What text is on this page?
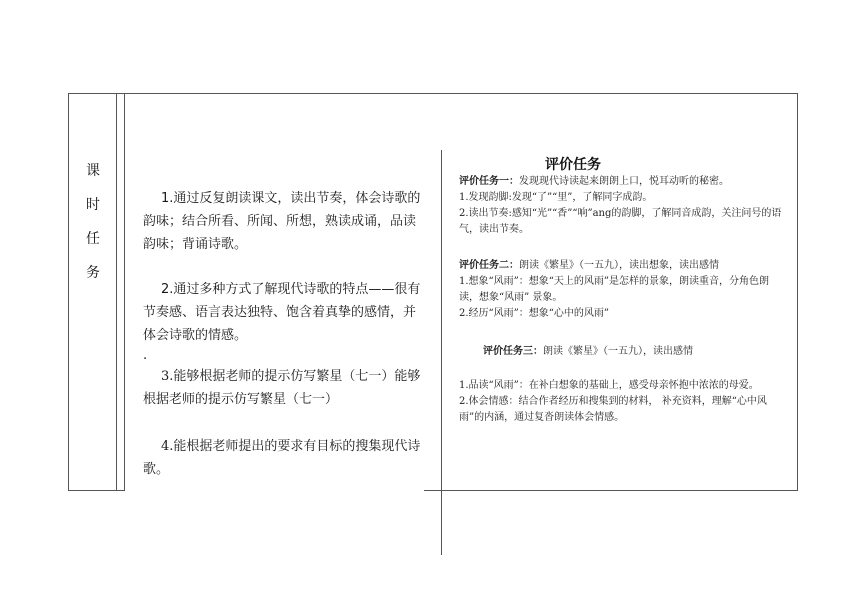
课
时
任
务

1.通过反复朗读课文，读出节奏，体会诗歌的韵味；结合所看、所闻、所想，熟读成诵，品读韵味；背诵诗歌。

2.通过多种方式了解现代诗歌的特点——很有节奏感、语言表达独特、饱含着真挚的感情，并体会诗歌的情感。

.

3.能够根据老师的提示仿写繁星（七一）能够根据老师的提示仿写繁星（七一）

4.能根据老师提出的要求有目标的搜集现代诗歌。

评价任务

评价任务一：发现现代诗读起来朗朗上口，悦耳动听的秘密。

1.发现韵脚:发现“了”“里”，了解同字成韵。

2.读出节奏:感知“光”“香”“响”ang的韵脚，了解同音成韵，关注问号的语气，读出节奏。

评价任务二：朗读《繁星》（一五九），读出想象，读出感情

1.想象“风雨”：想象“天上的风雨”是怎样的景象，朗读重音，分角色朗读，想象“风雨” 景象。

2.经历“风雨”：想象“心中的风雨”

评价任务三：朗读《繁星》（一五九），读出感情

1.品读“风雨”：在补白想象的基础上，感受母亲怀抱中浓浓的母爱。

2.体会情感：结合作者经历和搜集到的材料， 补充资料，理解“心中风雨”的内涵，通过复沓朗读体会情感。
